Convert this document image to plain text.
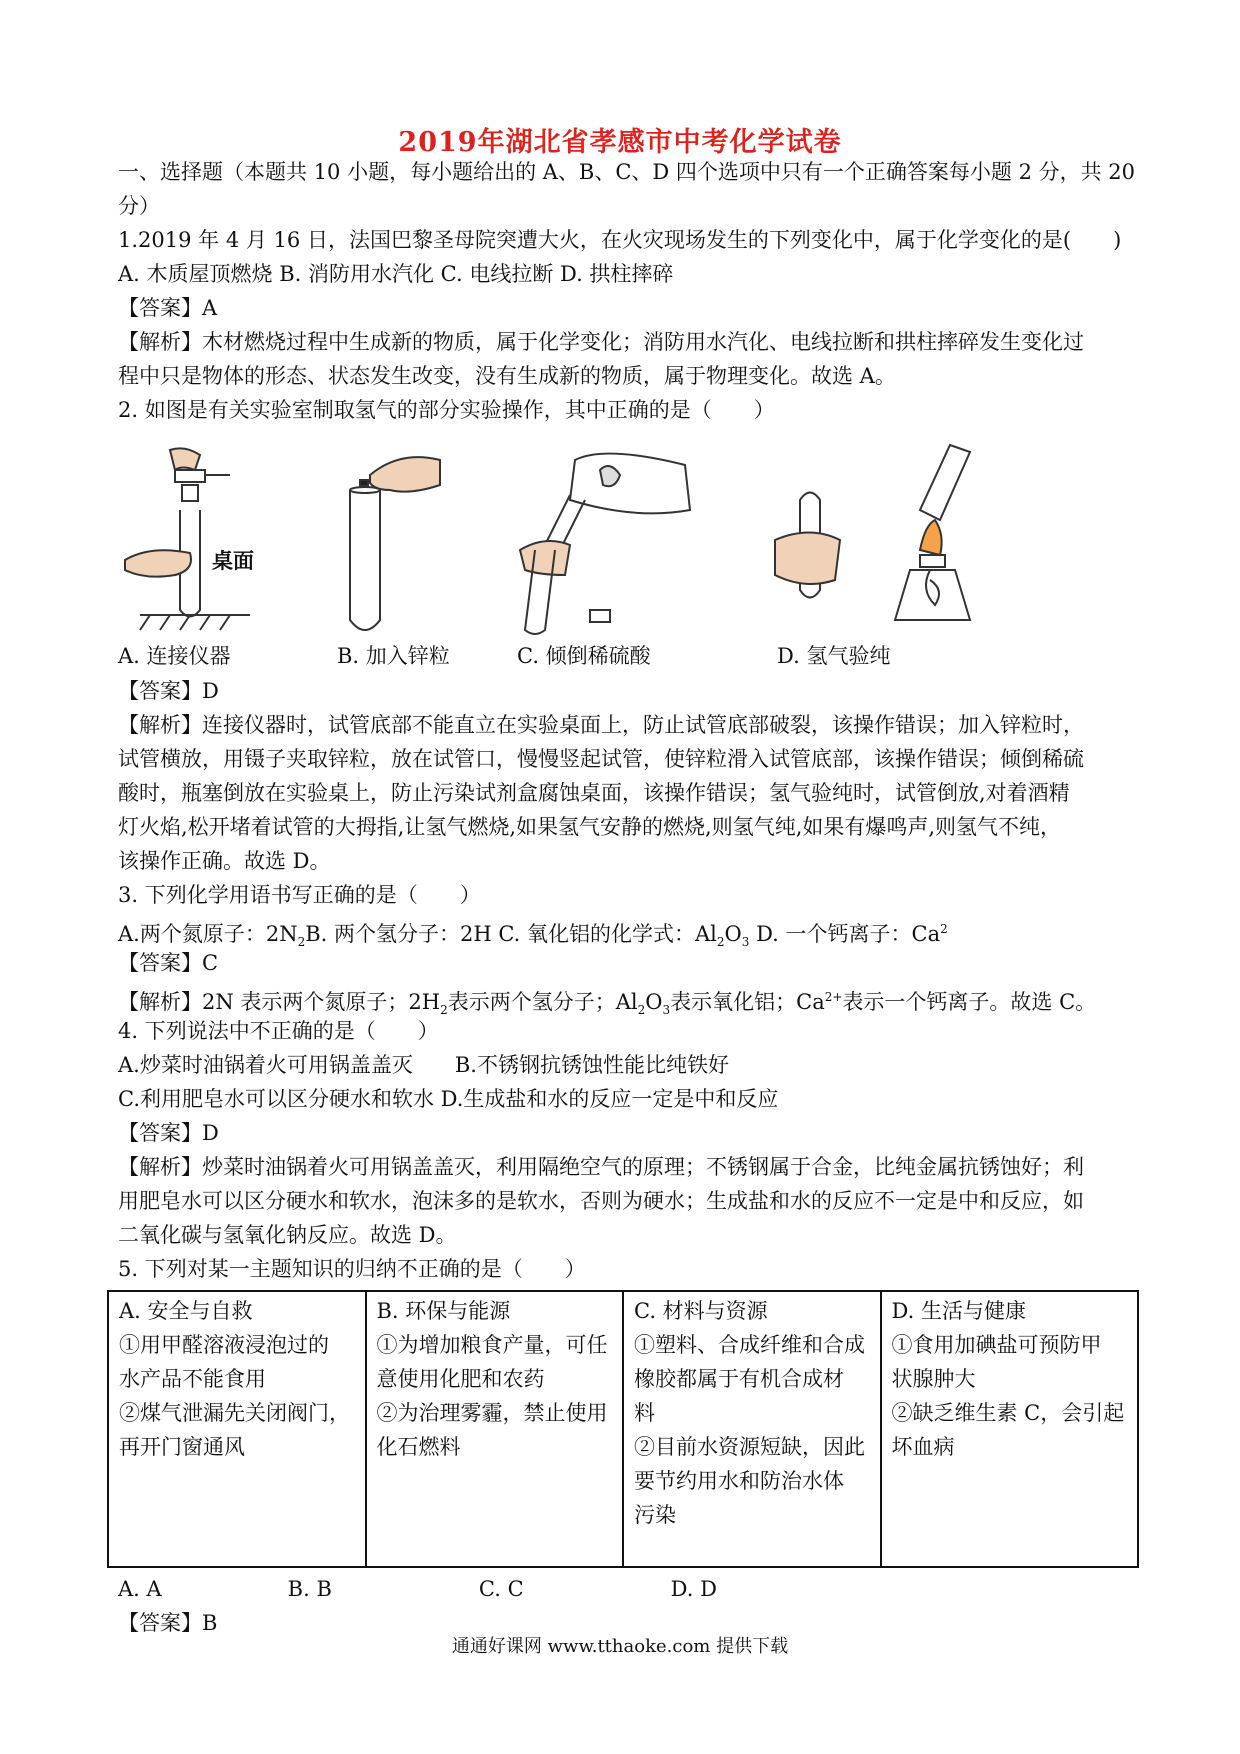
2019年湖北省孝感市中考化学试卷
一、选择题（本题共 10 小题，每小题给出的 A、B、C、D 四个选项中只有一个正确答案每小题 2 分，共 20
分）
1.2019 年 4 月 16 日，法国巴黎圣母院突遭大火，在火灾现场发生的下列变化中，属于化学变化的是(　　)
A. 木质屋顶燃烧 B. 消防用水汽化 C. 电线拉断 D. 拱柱摔碎
【答案】A
【解析】木材燃烧过程中生成新的物质，属于化学变化；消防用水汽化、电线拉断和拱柱摔碎发生变化过
程中只是物体的形态、状态发生改变，没有生成新的物质，属于物理变化。故选 A。
2. 如图是有关实验室制取氢气的部分实验操作，其中正确的是（　　）
桌面
A. 连接仪器	B. 加入锌粒	C. 倾倒稀硫酸	D. 氢气验纯
【答案】D
【解析】连接仪器时，试管底部不能直立在实验桌面上，防止试管底部破裂，该操作错误；加入锌粒时，
试管横放，用镊子夹取锌粒，放在试管口，慢慢竖起试管，使锌粒滑入试管底部，该操作错误；倾倒稀硫
酸时，瓶塞倒放在实验桌上，防止污染试剂盒腐蚀桌面，该操作错误；氢气验纯时，试管倒放,对着酒精
灯火焰,松开堵着试管的大拇指,让氢气燃烧,如果氢气安静的燃烧,则氢气纯,如果有爆鸣声,则氢气不纯，
该操作正确。故选 D。
3. 下列化学用语书写正确的是（　　）
A.两个氮原子：$2N_2B$. 两个氢分子：2H C. 氧化铝的化学式：$Al_2O_3$ D. 一个钙离子：Ca$^2$
【答案】C
【解析】2N 表示两个氮原子；$2H_2$表示两个氢分子；$Al_2O_3$表示氧化铝；$Ca^{2+}$表示一个钙离子。故选 C。
4. 下列说法中不正确的是（　　）
A.炒菜时油锅着火可用锅盖盖灭　　B.不锈钢抗锈蚀性能比纯铁好
C.利用肥皂水可以区分硬水和软水 D.生成盐和水的反应一定是中和反应
【答案】D
【解析】炒菜时油锅着火可用锅盖盖灭，利用隔绝空气的原理；不锈钢属于合金，比纯金属抗锈蚀好；利
用肥皂水可以区分硬水和软水，泡沫多的是软水，否则为硬水；生成盐和水的反应不一定是中和反应，如
二氧化碳与氢氧化钠反应。故选 D。
5. 下列对某一主题知识的归纳不正确的是（　　）
A. 安全与自救
①用甲醛溶液浸泡过的
水产品不能食用
②煤气泄漏先关闭阀门，
再开门窗通风

B. 环保与能源
①为增加粮食产量，可任
意使用化肥和农药
②为治理雾霾，禁止使用
化石燃料

C. 材料与资源
①塑料、合成纤维和合成
橡胶都属于有机合成材
料
②目前水资源短缺，因此
要节约用水和防治水体
污染

D. 生活与健康
①食用加碘盐可预防甲
状腺肿大
②缺乏维生素 C，会引起
坏血病
A. A　　　　　　B. B　　　　　　　C. C　　　　　　　D. D
【答案】B
通通好课网 www.tthaoke.com 提供下载
